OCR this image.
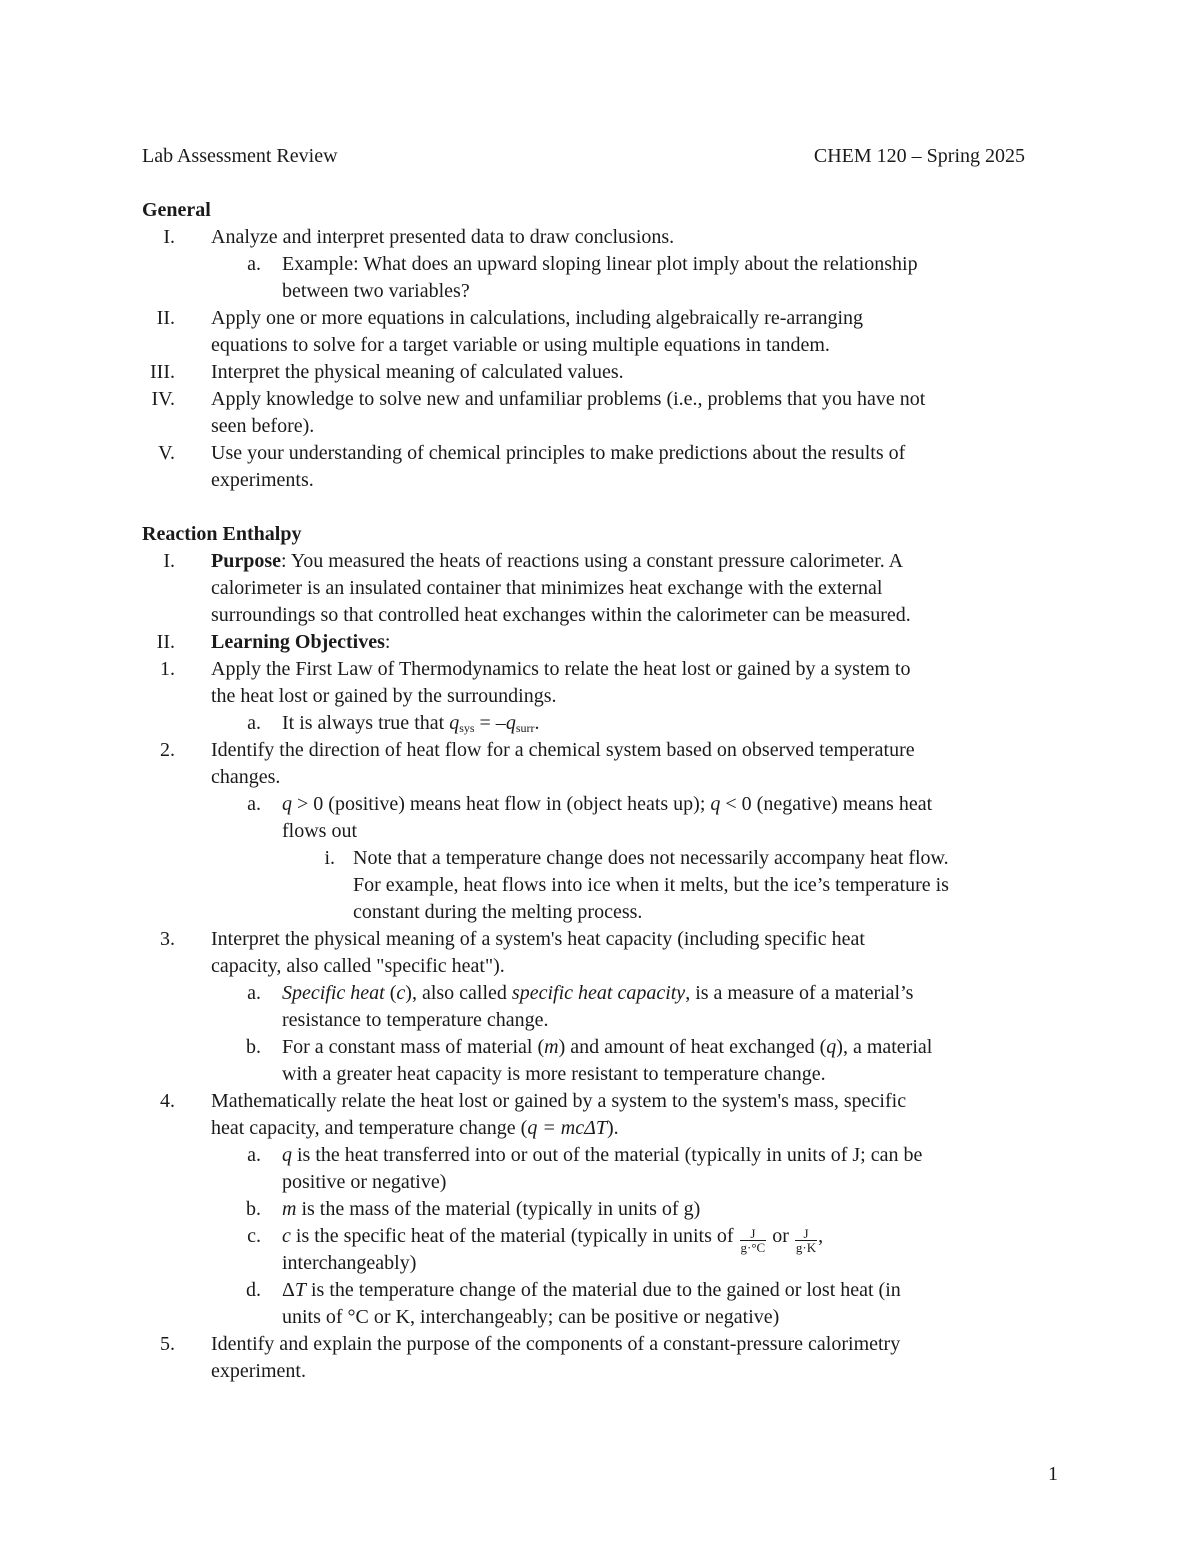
Lab Assessment Review	CHEM 120 – Spring 2025
General
I. Analyze and interpret presented data to draw conclusions.
a. Example: What does an upward sloping linear plot imply about the relationship
between two variables?
II. Apply one or more equations in calculations, including algebraically re-arranging
equations to solve for a target variable or using multiple equations in tandem.
III. Interpret the physical meaning of calculated values.
IV. Apply knowledge to solve new and unfamiliar problems (i.e., problems that you have not
seen before).
V. Use your understanding of chemical principles to make predictions about the results of
experiments.
Reaction Enthalpy
I. Purpose: You measured the heats of reactions using a constant pressure calorimeter. A
calorimeter is an insulated container that minimizes heat exchange with the external
surroundings so that controlled heat exchanges within the calorimeter can be measured.
II. Learning Objectives:
1. Apply the First Law of Thermodynamics to relate the heat lost or gained by a system to
the heat lost or gained by the surroundings.
a. It is always true that $q_{sys} = -q_{surr}$.
2. Identify the direction of heat flow for a chemical system based on observed temperature
changes.
a. q > 0 (positive) means heat flow in (object heats up); q < 0 (negative) means heat
flows out
i. Note that a temperature change does not necessarily accompany heat flow.
For example, heat flows into ice when it melts, but the ice’s temperature is
constant during the melting process.
3. Interpret the physical meaning of a system's heat capacity (including specific heat
capacity, also called "specific heat").
a. Specific heat (c), also called specific heat capacity, is a measure of a material’s
resistance to temperature change.
b. For a constant mass of material (m) and amount of heat exchanged (q), a material
with a greater heat capacity is more resistant to temperature change.
4. Mathematically relate the heat lost or gained by a system to the system's mass, specific
heat capacity, and temperature change (q = mcΔT).
a. q is the heat transferred into or out of the material (typically in units of J; can be
positive or negative)
b. m is the mass of the material (typically in units of g)
c. c is the specific heat of the material (typically in units of $\frac{J}{g\cdot^\circ C}$ or $\frac{J}{g\cdot K}$ ,
interchangeably)
d. ΔT is the temperature change of the material due to the gained or lost heat (in
units of °C or K, interchangeably; can be positive or negative)
5. Identify and explain the purpose of the components of a constant-pressure calorimetry
experiment.
1
